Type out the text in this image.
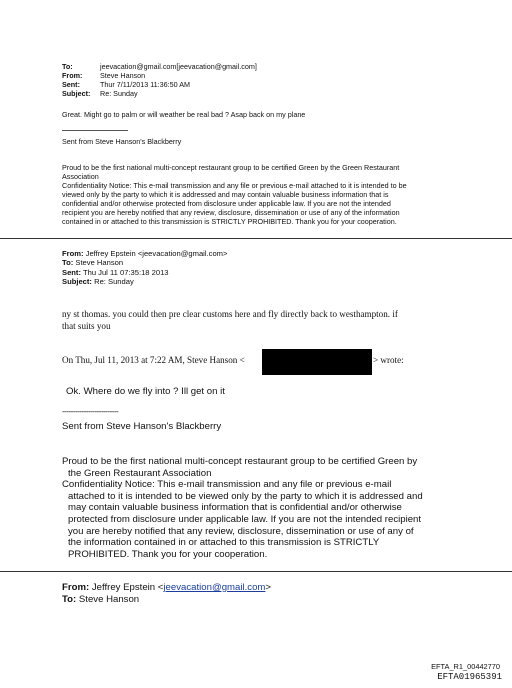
To:	jeevacation@gmail.com[jeevacation@gmail.com]
From:	Steve Hanson
Sent:	Thur 7/11/2013 11:36:50 AM
Subject:	Re: Sunday
Great. Might go to palm or will weather be real bad ? Asap back on my plane
Sent from Steve Hanson's Blackberry
Proud to be the first national multi-concept restaurant group to be certified Green by the Green Restaurant
Association
Confidentiality Notice: This e-mail transmission and any file or previous e-mail attached to it is intended to be
viewed only by the party to which it is addressed and may contain valuable business information that is
confidential and/or otherwise protected from disclosure under applicable law. If you are not the intended
recipient you are hereby notified that any review, disclosure, dissemination or use of any of the information
contained in or attached to this transmission is STRICTLY PROHIBITED. Thank you for your cooperation.
From: Jeffrey Epstein <jeevacation@gmail.com>
To: Steve Hanson
Sent: Thu Jul 11 07:35:18 2013
Subject: Re: Sunday
ny st thomas. you could then pre clear customs here and fly directly back to westhampton. if
that suits you
On Thu, Jul 11, 2013 at 7:22 AM, Steve Hanson <	> wrote:
Ok. Where do we fly into ? Ill get on it
--------------------------
Sent from Steve Hanson's Blackberry
Proud to be the first national multi-concept restaurant group to be certified Green by
the Green Restaurant Association
Confidentiality Notice: This e-mail transmission and any file or previous e-mail
attached to it is intended to be viewed only by the party to which it is addressed and
may contain valuable business information that is confidential and/or otherwise
protected from disclosure under applicable law. If you are not the intended recipient
you are hereby notified that any review, disclosure, dissemination or use of any of
the information contained in or attached to this transmission is STRICTLY
PROHIBITED. Thank you for your cooperation.
From: Jeffrey Epstein <jeevacation@gmail.com>
To: Steve Hanson
EFTA_R1_00442770
EFTA01965391
